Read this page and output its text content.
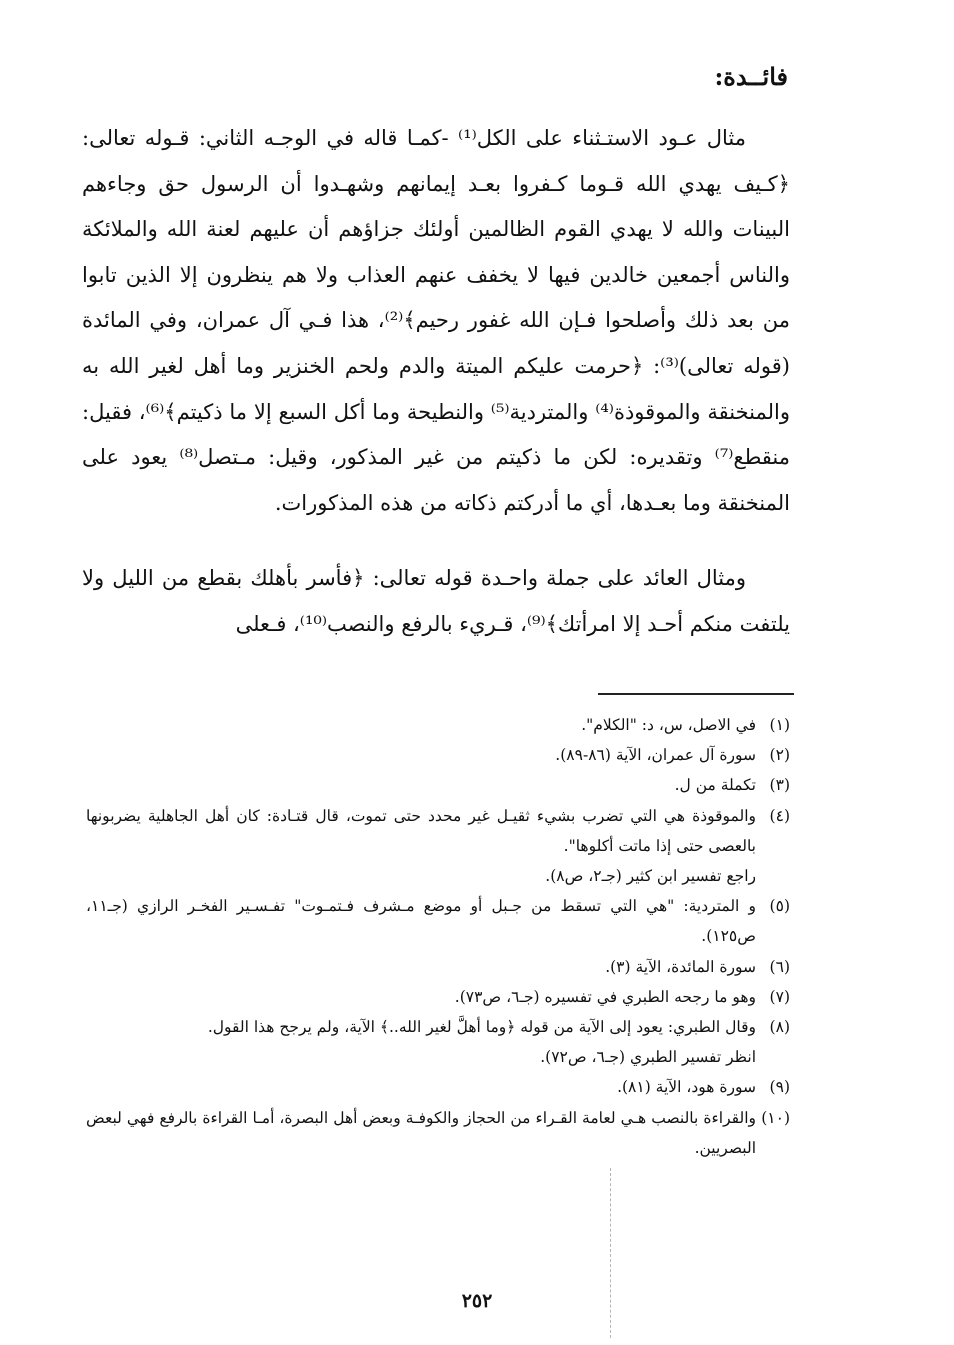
فائــدة:

مثال عـود الاستـثناء على الكل⁽¹⁾ -كمـا قاله في الوجـه الثاني: قـوله تعالى: ﴿كـيف يهدي الله قـوما كـفروا بعـد إيمانهم وشهـدوا أن الرسول حق وجاءهم البينات والله لا يهدي القوم الظالمين أولئك جزاؤهم أن عليهم لعنة الله والملائكة والناس أجمعين خالدين فيها لا يخفف عنهم العذاب ولا هم ينظرون إلا الذين تابوا من بعد ذلك وأصلحوا فـإن الله غفور رحيم﴾⁽²⁾، هذا فـي آل عمران، وفي المائدة (قوله تعالى)⁽³⁾: ﴿حرمت عليكم الميتة والدم ولحم الخنزير وما أهل لغير الله به والمنخنقة والموقوذة⁽⁴⁾ والمتردية⁽⁵⁾ والنطيحة وما أكل السبع إلا ما ذكيتم﴾⁽⁶⁾، فقيل: منقطع⁽⁷⁾ وتقديره: لكن ما ذكيتم من غير المذكور، وقيل: مـتصل⁽⁸⁾ يعود على المنخنقة وما بعـدها، أي ما أدركتم ذكاته من هذه المذكورات.

ومثال العائد على جملة واحـدة قوله تعالى: ﴿فأسر بأهلك بقطع من الليل ولا يلتفت منكم أحـد إلا امرأتك﴾⁽⁹⁾، قـريء بالرفع والنصب⁽¹⁰⁾، فـعلى

(١)
في الاصل، س، د: "الكلام".
(٢)
سورة آل عمران، الآية (٨٦-٨٩).
(٣)
تكملة من ل.
(٤)
والموقوذة هي التي تضرب بشيء ثقيـل غير محدد حتى تموت، قال قتـادة: كان أهل الجاهلية يضربونها بالعصى حتى إذا ماتت أكلوها".
راجع تفسير ابن كثير (جـ٢، ص٨).
(٥)
و المتردية: "هي التي تسقط من جـبل أو موضع مـشرف فـتمـوت" تفـسـير الفخـر الرازي (جـ١١، ص١٢٥).
(٦)
سورة المائدة، الآية (٣).
(٧)
وهو ما رجحه الطبري في تفسيره (جـ٦، ص٧٣).
(٨)
وقال الطبري: يعود إلى الآية من قوله ﴿وما أهلَّ لغير الله..﴾ الآية، ولم يرجح هذا القول.
انظر تفسير الطبري (جـ٦، ص٧٢).
(٩)
سورة هود، الآية (٨١).
(١٠)
والقراءة بالنصب هـي لعامة القـراء من الحجاز والكوفـة وبعض أهل البصرة، أمـا القراءة بالرفع فهي لبعض البصريين.
٢٥٢
